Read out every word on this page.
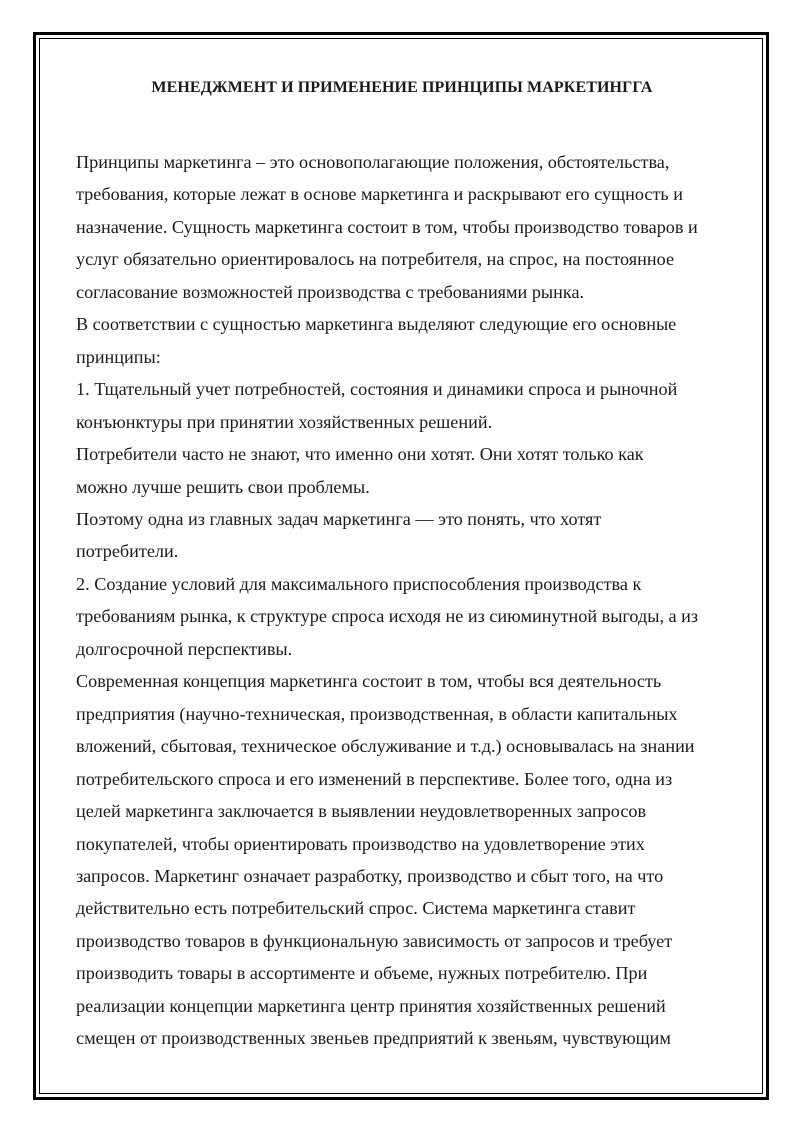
МЕНЕДЖМЕНТ И ПРИМЕНЕНИЕ ПРИНЦИПЫ МАРКЕТИНГГА

Принципы маркетинга – это основополагающие положения, обстоятельства,

требования, которые лежат в основе маркетинга и раскрывают его сущность и

назначение. Сущность маркетинга состоит в том, чтобы производство товаров и

услуг обязательно ориентировалось на потребителя, на спрос, на постоянное

согласование возможностей производства с требованиями рынка.

В соответствии с сущностью маркетинга выделяют следующие его основные

принципы:

1. Тщательный учет потребностей, состояния и динамики спроса и рыночной

конъюнктуры при принятии хозяйственных решений.

Потребители часто не знают, что именно они хотят. Они хотят только как

можно лучше решить свои проблемы.

Поэтому одна из главных задач маркетинга — это понять, что хотят

потребители.

2. Создание условий для максимального приспособления производства к

требованиям рынка, к структуре спроса исходя не из сиюминутной выгоды, а из

долгосрочной перспективы.

Современная концепция маркетинга состоит в том, чтобы вся деятельность

предприятия (научно-техническая, производственная, в области капитальных

вложений, сбытовая, техническое обслуживание и т.д.) основывалась на знании

потребительского спроса и его изменений в перспективе. Более того, одна из

целей маркетинга заключается в выявлении неудовлетворенных запросов

покупателей, чтобы ориентировать производство на удовлетворение этих

запросов. Маркетинг означает разработку, производство и сбыт того, на что

действительно есть потребительский спрос. Система маркетинга ставит

производство товаров в функциональную зависимость от запросов и требует

производить товары в ассортименте и объеме, нужных потребителю. При

реализации концепции маркетинга центр принятия хозяйственных решений

смещен от производственных звеньев предприятий к звеньям, чувствующим
